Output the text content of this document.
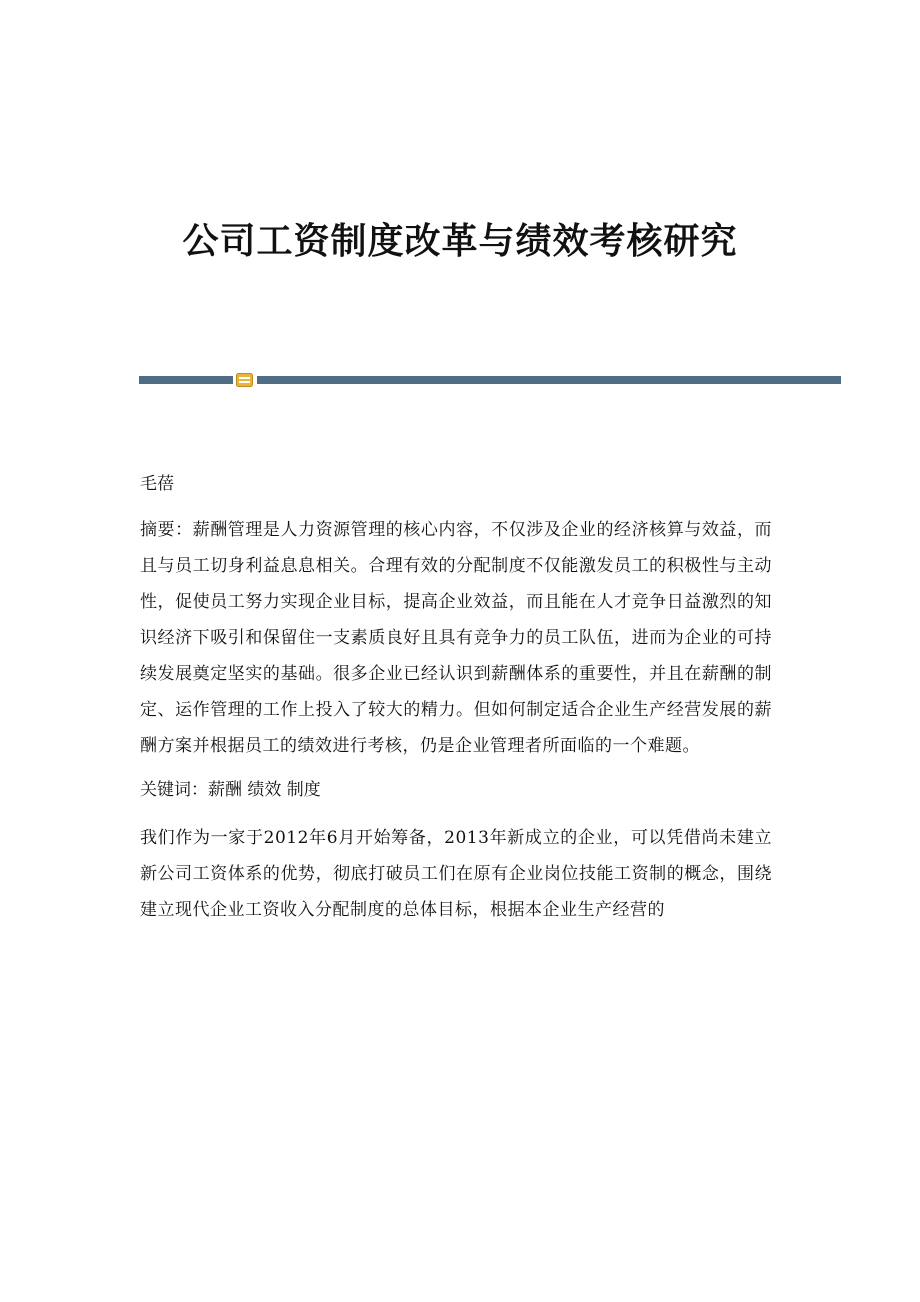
公司工资制度改革与绩效考核研究

毛蓓

摘要：薪酬管理是人力资源管理的核心内容，不仅涉及企业的经济核算与效益，而且与员工切身利益息息相关。合理有效的分配制度不仅能激发员工的积极性与主动性，促使员工努力实现企业目标，提高企业效益，而且能在人才竞争日益激烈的知识经济下吸引和保留住一支素质良好且具有竞争力的员工队伍，进而为企业的可持续发展奠定坚实的基础。很多企业已经认识到薪酬体系的重要性，并且在薪酬的制定、运作管理的工作上投入了较大的精力。但如何制定适合企业生产经营发展的薪酬方案并根据员工的绩效进行考核，仍是企业管理者所面临的一个难题。

关键词：薪酬 绩效 制度

我们作为一家于2012年6月开始筹备，2013年新成立的企业，可以凭借尚未建立新公司工资体系的优势，彻底打破员工们在原有企业岗位技能工资制的概念，围绕建立现代企业工资收入分配制度的总体目标，根据本企业生产经营的
